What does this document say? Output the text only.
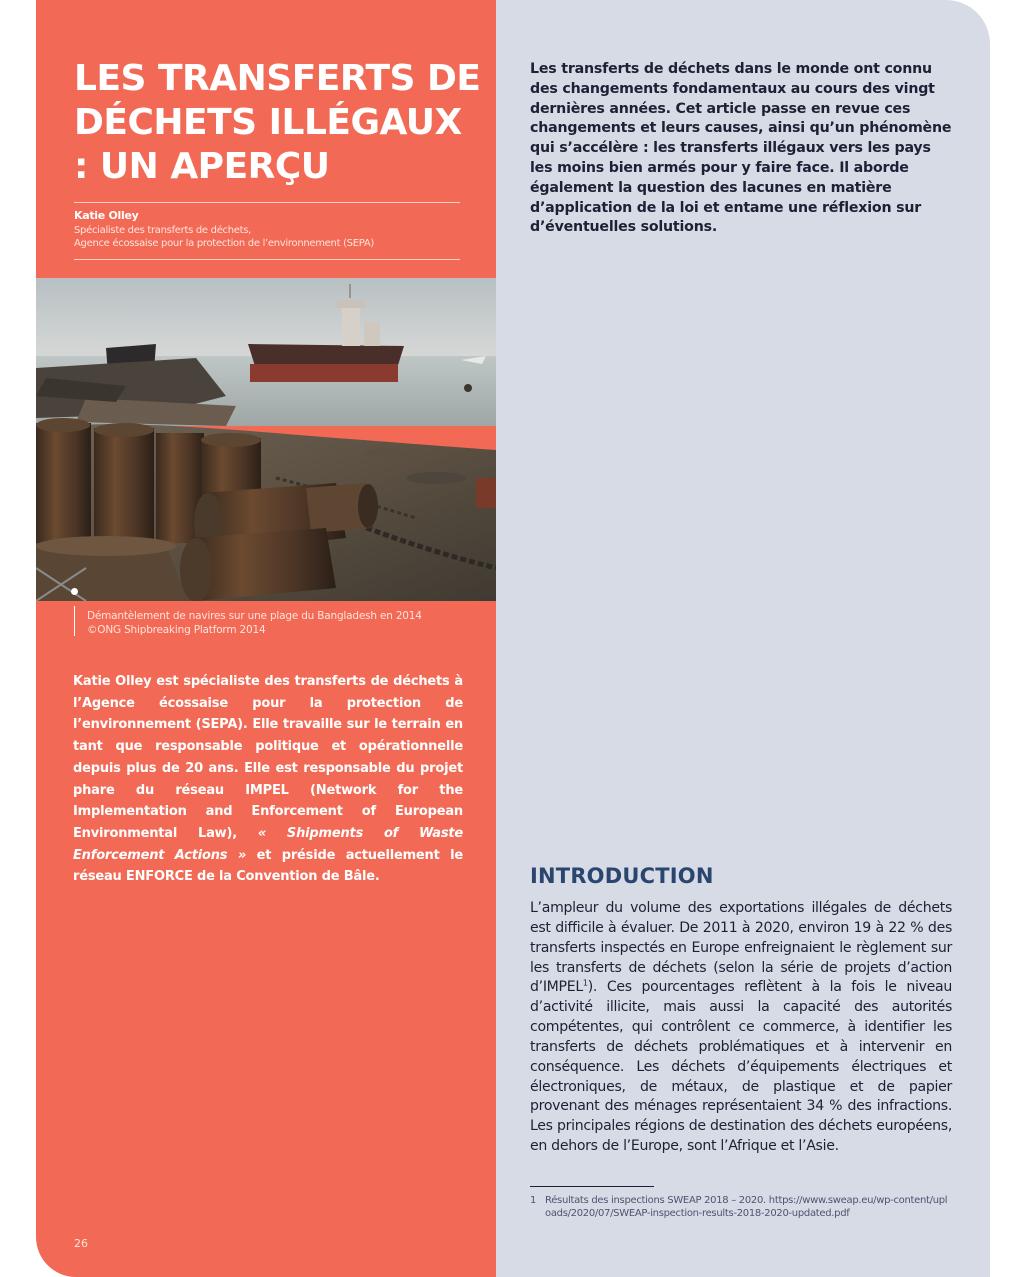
LES TRANSFERTS DE DÉCHETS ILLÉGAUX : UN APERÇU
Katie Olley
Spécialiste des transferts de déchets,
Agence écossaise pour la protection de l’environnement (SEPA)
Démantèlement de navires sur une plage du Bangladesh en 2014
©ONG Shipbreaking Platform 2014

Katie Olley est spécialiste des transferts de déchets à l’Agence écossaise pour la protection de l’environnement (SEPA). Elle travaille sur le terrain en tant que responsable politique et opérationnelle depuis plus de 20 ans. Elle est responsable du projet phare du réseau IMPEL (Network for the Implementation and Enforcement of European Environmental Law), « Shipments of Waste Enforcement Actions » et préside actuellement le réseau ENFORCE de la Convention de Bâle.

26

Les transferts de déchets dans le monde ont connu des changements fondamentaux au cours des vingt dernières années. Cet article passe en revue ces changements et leurs causes, ainsi qu’un phénomène qui s’accélère : les transferts illégaux vers les pays les moins bien armés pour y faire face. Il aborde également la question des lacunes en matière d’application de la loi et entame une réflexion sur d’éventuelles solutions.

INTRODUCTION

L’ampleur du volume des exportations illégales de déchets est difficile à évaluer. De 2011 à 2020, environ 19 à 22 % des transferts inspectés en Europe enfreignaient le règlement sur les transferts de déchets (selon la série de projets d’action d’IMPEL$^1$). Ces pourcentages reflètent à la fois le niveau d’activité illicite, mais aussi la capacité des autorités compétentes, qui contrôlent ce commerce, à identifier les transferts de déchets problématiques et à intervenir en conséquence. Les déchets d’équipements électriques et électroniques, de métaux, de plastique et de papier provenant des ménages représentaient 34 % des infractions. Les principales régions de destination des déchets européens, en dehors de l’Europe, sont l’Afrique et l’Asie.

1 Résultats des inspections SWEAP 2018 – 2020. https://www.sweap.eu/wp-content/uploads/2020/07/SWEAP-inspection-results-2018-2020-updated.pdf
